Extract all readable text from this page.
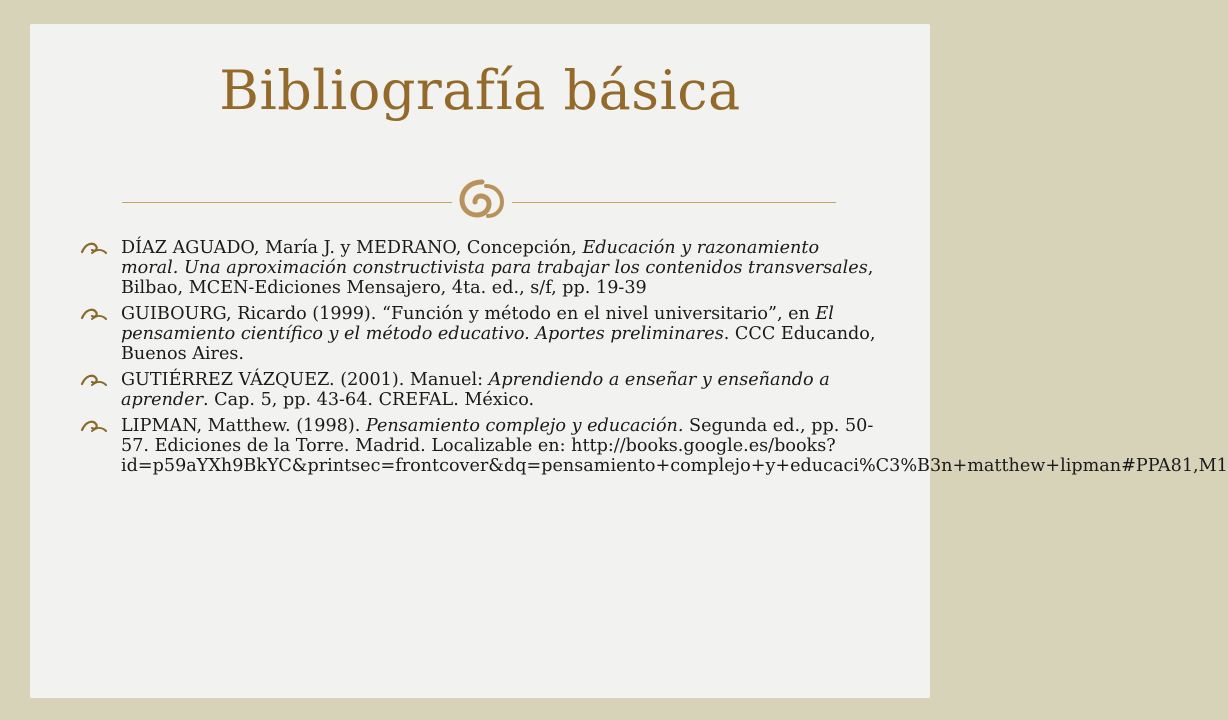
Bibliografía básica
DÍAZ AGUADO, María J. y MEDRANO, Concepción, Educación y razonamiento moral. Una aproximación constructivista para trabajar los contenidos transversales, Bilbao, MCEN-Ediciones Mensajero, 4ta. ed., s/f, pp. 19-39
GUIBOURG, Ricardo (1999). “Función y método en el nivel universitario”, en El pensamiento científico y el método educativo. Aportes preliminares. CCC Educando, Buenos Aires.
GUTIÉRREZ VÁZQUEZ. (2001). Manuel: Aprendiendo a enseñar y enseñando a aprender. Cap. 5, pp. 43-64. CREFAL. México.
LIPMAN, Matthew. (1998). Pensamiento complejo y educación. Segunda ed., pp. 50-57. Ediciones de la Torre. Madrid. Localizable en: http://books.google.es/books?id=p59aYXh9BkYC&printsec=frontcover&dq=pensamiento+complejo+y+educaci%C3%B3n+matthew+lipman#PPA81,M1
